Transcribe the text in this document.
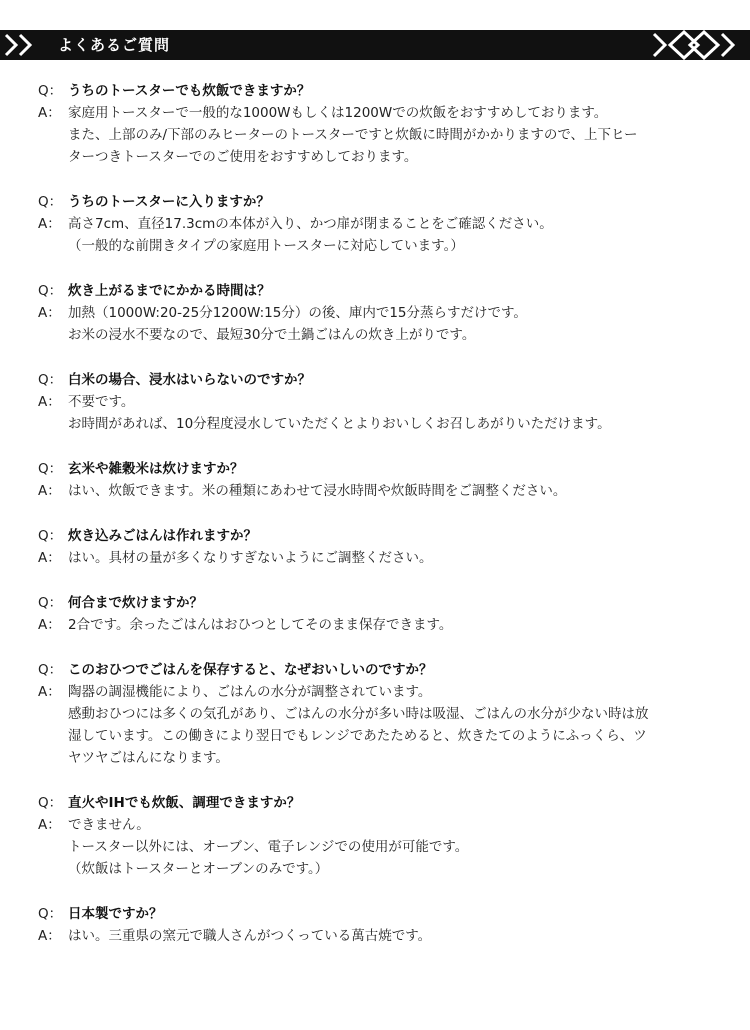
よくあるご質問
Q： うちのトースターでも炊飯できますか？
A： 家庭用トースターで一般的な1000Wもしくは1200Wでの炊飯をおすすめしております。
また、上部のみ/下部のみヒーターのトースターですと炊飯に時間がかかりますので、上下ヒー
ターつきトースターでのご使用をおすすめしております。
Q： うちのトースターに入りますか？
A： 高さ7cm、直径17.3cmの本体が入り、かつ扉が閉まることをご確認ください。
（一般的な前開きタイプの家庭用トースターに対応しています。）
Q： 炊き上がるまでにかかる時間は？
A： 加熱（1000W:20-25分1200W:15分）の後、庫内で15分蒸らすだけです。
お米の浸水不要なので、最短30分で土鍋ごはんの炊き上がりです。
Q： 白米の場合、浸水はいらないのですか？
A： 不要です。
お時間があれば、10分程度浸水していただくとよりおいしくお召しあがりいただけます。
Q： 玄米や雑穀米は炊けますか？
A： はい、炊飯できます。米の種類にあわせて浸水時間や炊飯時間をご調整ください。
Q： 炊き込みごはんは作れますか？
A： はい。具材の量が多くなりすぎないようにご調整ください。
Q： 何合まで炊けますか？
A： 2合です。余ったごはんはおひつとしてそのまま保存できます。
Q： このおひつでごはんを保存すると、なぜおいしいのですか？
A： 陶器の調湿機能により、ごはんの水分が調整されています。
感動おひつには多くの気孔があり、ごはんの水分が多い時は吸湿、ごはんの水分が少ない時は放
湿しています。この働きにより翌日でもレンジであたためると、炊きたてのようにふっくら、ツ
ヤツヤごはんになります。
Q： 直火やIHでも炊飯、調理できますか？
A： できません。
トースター以外には、オーブン、電子レンジでの使用が可能です。
（炊飯はトースターとオーブンのみです。）
Q： 日本製ですか？
A： はい。三重県の窯元で職人さんがつくっている萬古焼です。
